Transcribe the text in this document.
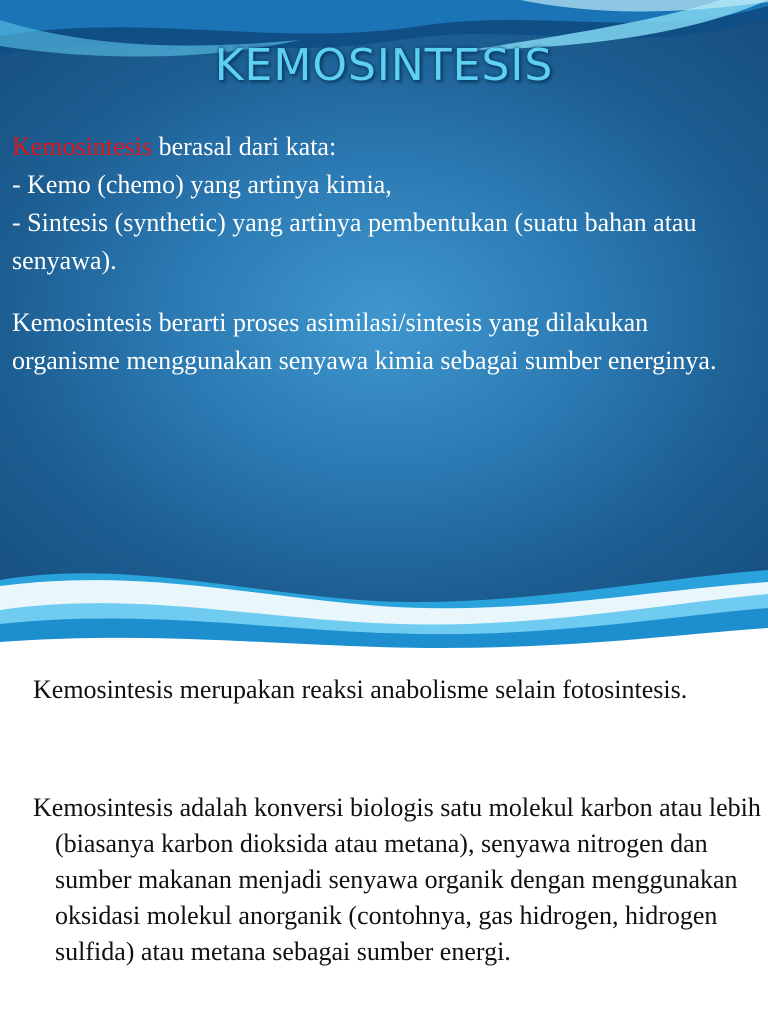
KEMOSINTESIS

Kemosintesis berasal dari kata:

- Kemo (chemo) yang artinya kimia,

- Sintesis (synthetic) yang artinya pembentukan (suatu bahan atau senyawa).

Kemosintesis berarti proses asimilasi/sintesis yang dilakukan organisme menggunakan senyawa kimia sebagai sumber energinya.

Kemosintesis merupakan reaksi anabolisme selain fotosintesis.

Kemosintesis adalah konversi biologis satu molekul karbon atau lebih (biasanya karbon dioksida atau metana), senyawa nitrogen dan sumber makanan menjadi senyawa organik dengan menggunakan oksidasi molekul anorganik (contohnya, gas hidrogen, hidrogen sulfida) atau metana sebagai sumber energi.
